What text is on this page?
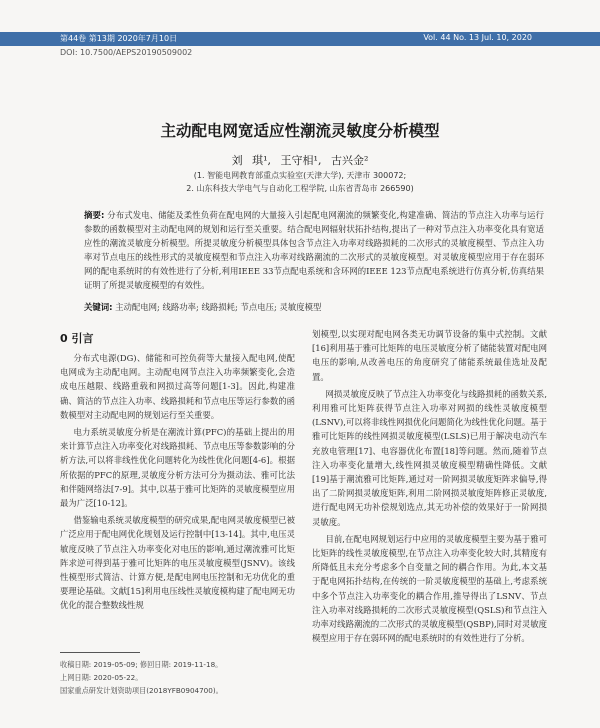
第44卷 第13期 2020年7月10日	Vol. 44 No. 13 Jul. 10, 2020
DOI: 10.7500/AEPS20190509002
主动配电网宽适应性潮流灵敏度分析模型
刘 琪¹, 王守相¹, 古兴金²
(1. 智能电网教育部重点实验室(天津大学), 天津市 300072;
2. 山东科技大学电气与自动化工程学院, 山东省青岛市 266590)
摘要: 分布式发电、储能及柔性负荷在配电网的大量接入引起配电网潮流的频繁变化,构建准确、简洁的节点注入功率与运行参数的函数模型对主动配电网的规划和运行至关重要。结合配电网辐射状拓扑结构,提出了一种对节点注入功率变化具有宽适应性的潮流灵敏度分析模型。所提灵敏度分析模型具体包含节点注入功率对线路损耗的二次形式的灵敏度模型、节点注入功率对节点电压的线性形式的灵敏度模型和节点注入功率对线路潮流的二次形式的灵敏度模型。对灵敏度模型应用于存在弱环网的配电系统时的有效性进行了分析,利用IEEE 33节点配电系统和含环网的IEEE 123节点配电系统进行仿真分析,仿真结果证明了所提灵敏度模型的有效性。
关键词: 主动配电网; 线路功率; 线路损耗; 节点电压; 灵敏度模型
0 引言

分布式电源(DG)、储能和可控负荷等大量接入配电网,使配电网成为主动配电网。主动配电网节点注入功率频繁变化,会造成电压越限、线路重载和网损过高等问题[1-3]。因此,构建准确、简洁的节点注入功率、线路损耗和节点电压等运行参数的函数模型对主动配电网的规划运行至关重要。

电力系统灵敏度分析是在潮流计算(PFC)的基础上提出的用来计算节点注入功率变化对线路损耗、节点电压等参数影响的分析方法,可以将非线性优化问题转化为线性优化问题[4-6]。根据所依据的PFC的原理,灵敏度分析方法可分为摄动法、雅可比法和伴随网络法[7-9]。其中,以基于雅可比矩阵的灵敏度模型应用最为广泛[10-12]。

借鉴输电系统灵敏度模型的研究成果,配电网灵敏度模型已被广泛应用于配电网优化规划及运行控制中[13-14]。其中,电压灵敏度反映了节点注入功率变化对电压的影响,通过潮流雅可比矩阵求逆可得到基于雅可比矩阵的电压灵敏度模型(JSNV)。该线性模型形式简洁、计算方便,是配电网电压控制和无功优化的重要理论基础。文献[15]利用电压线性灵敏度模构建了配电网无功优化的混合整数线性规

划模型,以实现对配电网各类无功调节设备的集中式控制。文献[16]利用基于雅可比矩阵的电压灵敏度分析了储能装置对配电网电压的影响,从改善电压的角度研究了储能系统最佳选址及配置。

网损灵敏度反映了节点注入功率变化与线路损耗的函数关系,利用雅可比矩阵获得节点注入功率对网损的线性灵敏度模型(LSNV),可以将非线性网损优化问题简化为线性优化问题。基于雅可比矩阵的线性网损灵敏度模型(LSLS)已用于解决电动汽车充放电管理[17]、电容器优化布置[18]等问题。然而,随着节点注入功率变化量增大,线性网损灵敏度模型精确性降低。文献[19]基于潮流雅可比矩阵,通过对一阶网损灵敏度矩阵求偏导,得出了二阶网损灵敏度矩阵,利用二阶网损灵敏度矩阵修正灵敏度,进行配电网无功补偿规划选点,其无功补偿的效果好于一阶网损灵敏度。

目前,在配电网规划运行中应用的灵敏度模型主要为基于雅可比矩阵的线性灵敏度模型,在节点注入功率变化较大时,其精度有所降低且未充分考虑多个自变量之间的耦合作用。为此,本文基于配电网拓扑结构,在传统的一阶灵敏度模型的基础上,考虑系统中多个节点注入功率变化的耦合作用,推导得出了LSNV、节点注入功率对线路损耗的二次形式灵敏度模型(QSLS)和节点注入功率对线路潮流的二次形式的灵敏度模型(QSBP),同时对灵敏度模型应用于存在弱环网的配电系统时的有效性进行了分析。

收稿日期: 2019-05-09; 修回日期: 2019-11-18。
上网日期: 2020-05-22。
国家重点研发计划资助项目(2018YFB0904700)。
